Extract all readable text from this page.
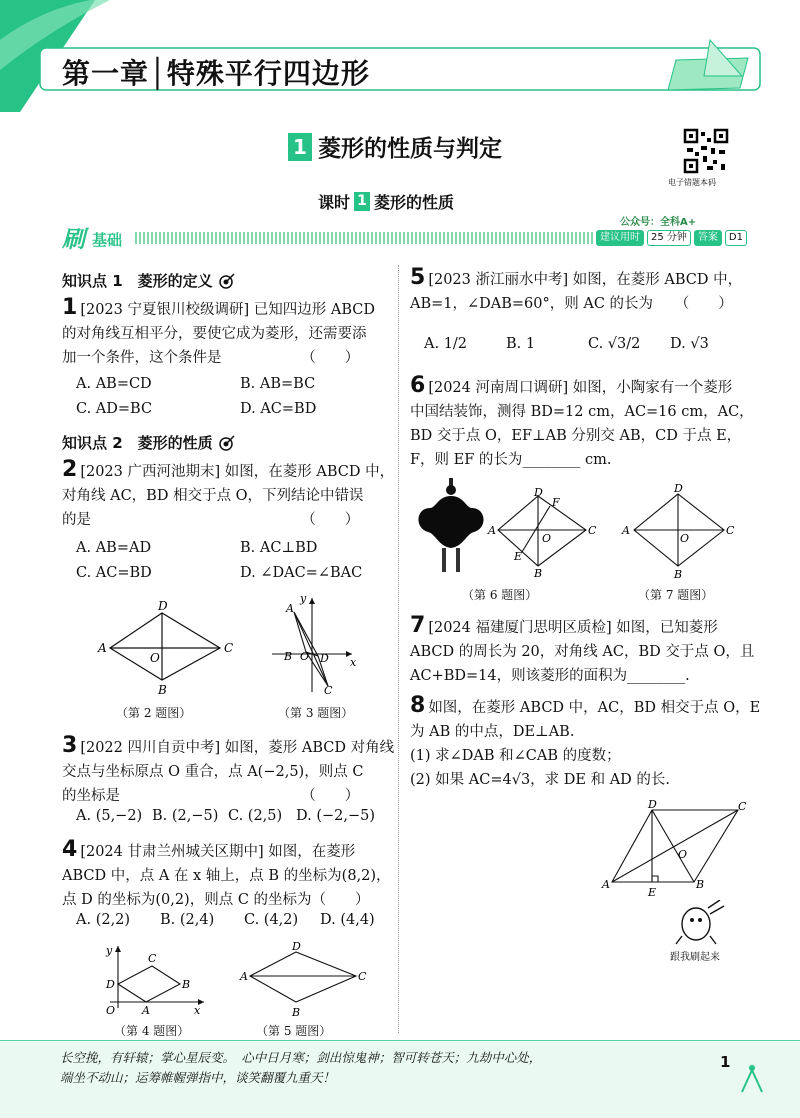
第一章│特殊平行四边形
1 菱形的性质与判定
电子错题本码
课时 1 菱形的性质
公众号：全科A+
刷 基础	建议用时	25 分钟	答案	D1
知识点 1　菱形的定义
1 [2023 宁夏银川校级调研] 已知四边形 ABCD
的对角线互相平分，要使它成为菱形，还需要添
加一个条件，这个条件是　　　　　　（　　）
A. AB=CD	B. AB=BC
C. AD=BC	D. AC=BD
知识点 2　菱形的性质
2 [2023 广西河池期末] 如图，在菱形 ABCD 中，
对角线 AC，BD 相交于点 O，下列结论中错误
的是　　　　　　　　　　　　　　　（　　）
A. AB=AD	B. AC⊥BD
C. AC=BD	D. ∠DAC=∠BAC
A
D
C
B
O
（第 2 题图）
y
x
A
D
B O
C
（第 3 题图）
3 [2022 四川自贡中考] 如图，菱形 ABCD 对角线
交点与坐标原点 O 重合，点 A(−2,5)，则点 C
的坐标是　　　　　　　　　　　　　（　　）
A. (5,−2) B. (2,−5) C. (2,5) D. (−2,−5)
4 [2024 甘肃兰州城关区期中] 如图，在菱形
ABCD 中，点 A 在 x 轴上，点 B 的坐标为(8,2)，
点 D 的坐标为(0,2)，则点 C 的坐标为（　　）
A. (2,2) B. (2,4) C. (4,2) D. (4,4)
y
x
D
C
B
A
O
（第 4 题图）
A
D
C
B
（第 5 题图）
5 [2023 浙江丽水中考] 如图，在菱形 ABCD 中，
AB=1，∠DAB=60°，则 AC 的长为　　（　　）
A. 1/2	B. 1	C. √3/2 D. √3
6 [2024 河南周口调研] 如图，小陶家有一个菱形
中国结装饰，测得 BD=12 cm，AC=16 cm，AC，
BD 交于点 O，EF⊥AB 分别交 AB，CD 于点 E，
F，则 EF 的长为________ cm.
A
D
F
C
O
E
B
（第 6 题图）
A
D
C
B
O
（第 7 题图）
7 [2024 福建厦门思明区质检] 如图，已知菱形
ABCD 的周长为 20，对角线 AC，BD 交于点 O，且
AC+BD=14，则该菱形的面积为________.
8 如图，在菱形 ABCD 中，AC，BD 相交于点 O，E
为 AB 的中点，DE⊥AB.
(1) 求∠DAB 和∠CAB 的度数；
(2) 如果 AC=4√3，求 DE 和 AD 的长.
A
D	C
B
O
E
跟我刷起来
长空挽，有轩辕；掌心星辰变。　心中日月寒；剑出惊鬼神；智可转苍天；九劫中心处，
端坐不动山；运筹帷幄弹指中，谈笑翻覆九重天！
1
